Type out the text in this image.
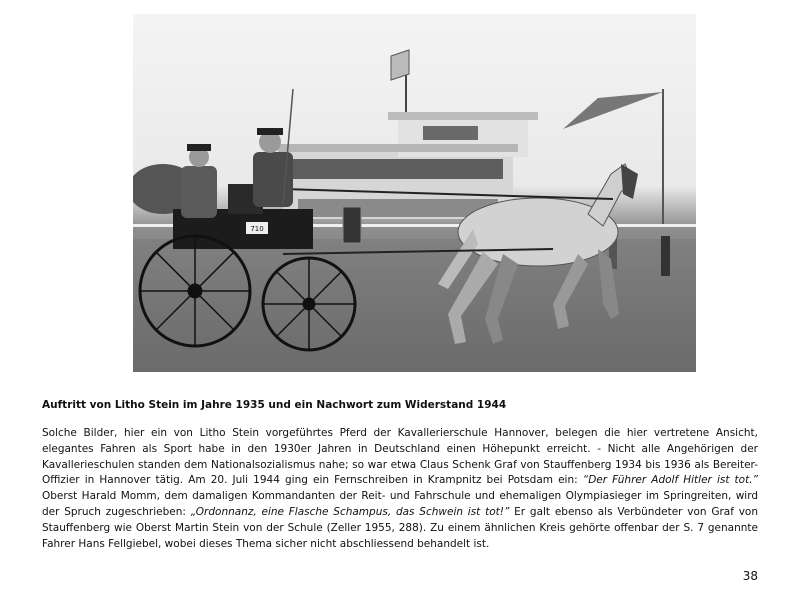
710

Auftritt von Litho Stein im Jahre 1935 und ein Nachwort zum Widerstand 1944

Solche Bilder, hier ein von Litho Stein vorgeführtes Pferd der Kavallerierschule Hannover, belegen die hier vertretene Ansicht, elegantes Fahren als Sport habe in den 1930er Jahren in Deutschland einen Höhepunkt erreicht. - Nicht alle Angehörigen der Kavallerieschulen standen dem Nationalsozialismus nahe; so war etwa Claus Schenk Graf von Stauffenberg 1934 bis 1936 als Bereiter-Offizier in Hannover tätig. Am 20. Juli 1944 ging ein Fernschreiben in Krampnitz bei Potsdam ein: “Der Führer Adolf Hitler ist tot.” Oberst Harald Momm, dem damaligen Kommandanten der Reit- und Fahrschule und ehemaligen Olympiasieger im Springreiten, wird der Spruch zugeschrieben: „Ordonnanz, eine Flasche Schampus, das Schwein ist tot!” Er galt ebenso als Verbündeter von Graf von Stauffenberg wie Oberst Martin Stein von der Schule (Zeller 1955, 288). Zu einem ähnlichen Kreis gehörte offenbar der S. 7 genannte Fahrer Hans Fellgiebel, wobei dieses Thema sicher nicht abschliessend behandelt ist.

38
